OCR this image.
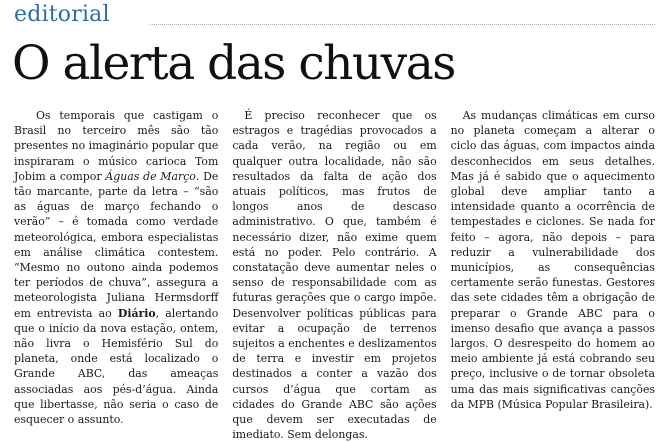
editorial
O alerta das chuvas

Os temporais que castigam o Brasil no terceiro mês são tão presentes no imaginário popular que inspiraram o músico carioca Tom Jobim a compor Águas de Março. De tão marcante, parte da letra – “são as águas de março fechando o verão” – é tomada como verdade meteorológica, embora especialistas em análise climática contestem. “Mesmo no outono ainda podemos ter períodos de chuva”, assegura a meteorologista Juliana Hermsdorff em entrevista ao Diário, alertando que o início da nova estação, ontem, não livra o Hemisfério Sul do planeta, onde está localizado o Grande ABC, das ameaças associadas aos pés-d’água. Ainda que libertasse, não seria o caso de esquecer o assunto.

É preciso reconhecer que os estragos e tragédias provocados a cada verão, na região ou em qualquer outra localidade, não são resultados da falta de ação dos atuais políticos, mas frutos de longos anos de descaso administrativo. O que, também é necessário dizer, não exime quem está no poder. Pelo contrário. A constatação deve aumentar neles o senso de responsabilidade com as futuras gerações que o cargo impõe. Desenvolver políticas públicas para evitar a ocupação de terrenos sujeitos a enchentes e deslizamentos de terra e investir em projetos destinados a conter a vazão dos cursos d’água que cortam as cidades do Grande ABC são ações que devem ser executadas de imediato. Sem delongas.

As mudanças climáticas em curso no planeta começam a alterar o ciclo das águas, com impactos ainda desconhecidos em seus detalhes. Mas já é sabido que o aquecimento global deve ampliar tanto a intensidade quanto a ocorrência de tempestades e ciclones. Se nada for feito – agora, não depois – para reduzir a vulnerabilidade dos municípios, as consequências certamente serão funestas. Gestores das sete cidades têm a obrigação de preparar o Grande ABC para o imenso desafio que avança a passos largos. O desrespeito do homem ao meio ambiente já está cobrando seu preço, inclusive o de tornar obsoleta uma das mais significativas canções da MPB (Música Popular Brasileira).
